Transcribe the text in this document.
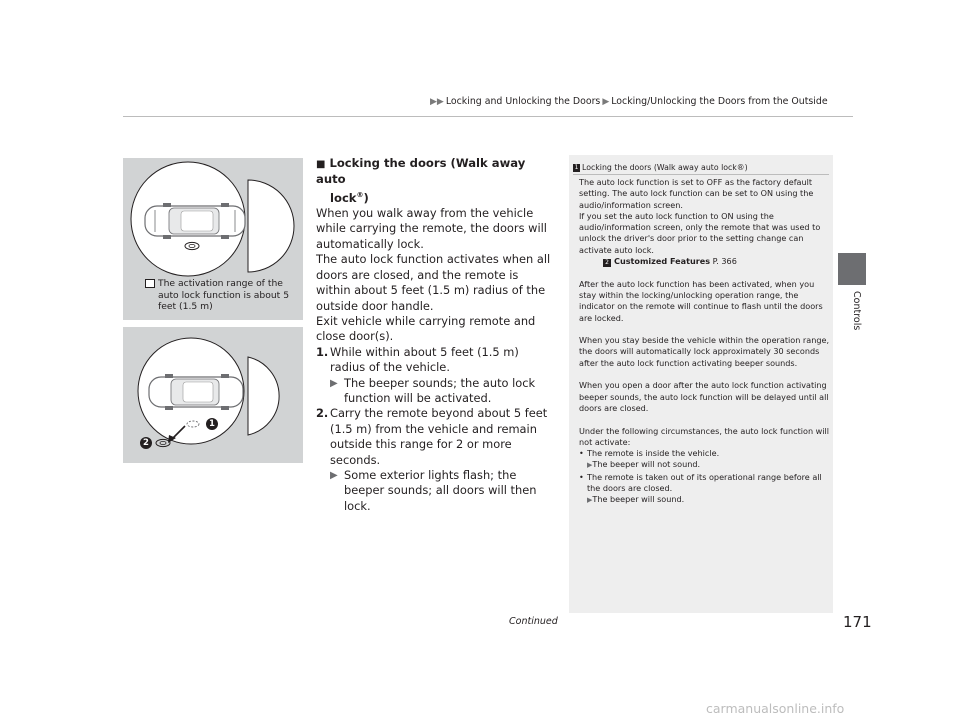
▶▶ Locking and Unlocking the Doors ▶ Locking/Unlocking the Doors from the Outside
Controls
The activation range of the auto lock function is about 5 feet (1.5 m)
1
2
■ Locking the doors (Walk away auto
lock®)

When you walk away from the vehicle while carrying the remote, the doors will automatically lock.

The auto lock function activates when all doors are closed, and the remote is within about 5 feet (1.5 m) radius of the outside door handle.

Exit vehicle while carrying remote and close door(s).

1. While within about 5 feet (1.5 m) radius of the vehicle.
▶ The beeper sounds; the auto lock function will be activated.
2. Carry the remote beyond about 5 feet (1.5 m) from the vehicle and remain outside this range for 2 or more seconds.
▶ Some exterior lights flash; the beeper sounds; all doors will then lock.
1 Locking the doors (Walk away auto lock®)

The auto lock function is set to OFF as the factory default setting. The auto lock function can be set to ON using the audio/information screen.

If you set the auto lock function to ON using the audio/information screen, only the remote that was used to unlock the driver's door prior to the setting change can activate auto lock.

2 Customized Features P. 366

After the auto lock function has been activated, when you stay within the locking/unlocking operation range, the indicator on the remote will continue to flash until the doors are locked.

When you stay beside the vehicle within the operation range, the doors will automatically lock approximately 30 seconds after the auto lock function activating beeper sounds.

When you open a door after the auto lock function activating beeper sounds, the auto lock function will be delayed until all doors are closed.

Under the following circumstances, the auto lock function will not activate:

• The remote is inside the vehicle.
▶The beeper will not sound.
• The remote is taken out of its operational range before all the doors are closed.
▶The beeper will sound.
Continued	171
carmanualsonline.info
